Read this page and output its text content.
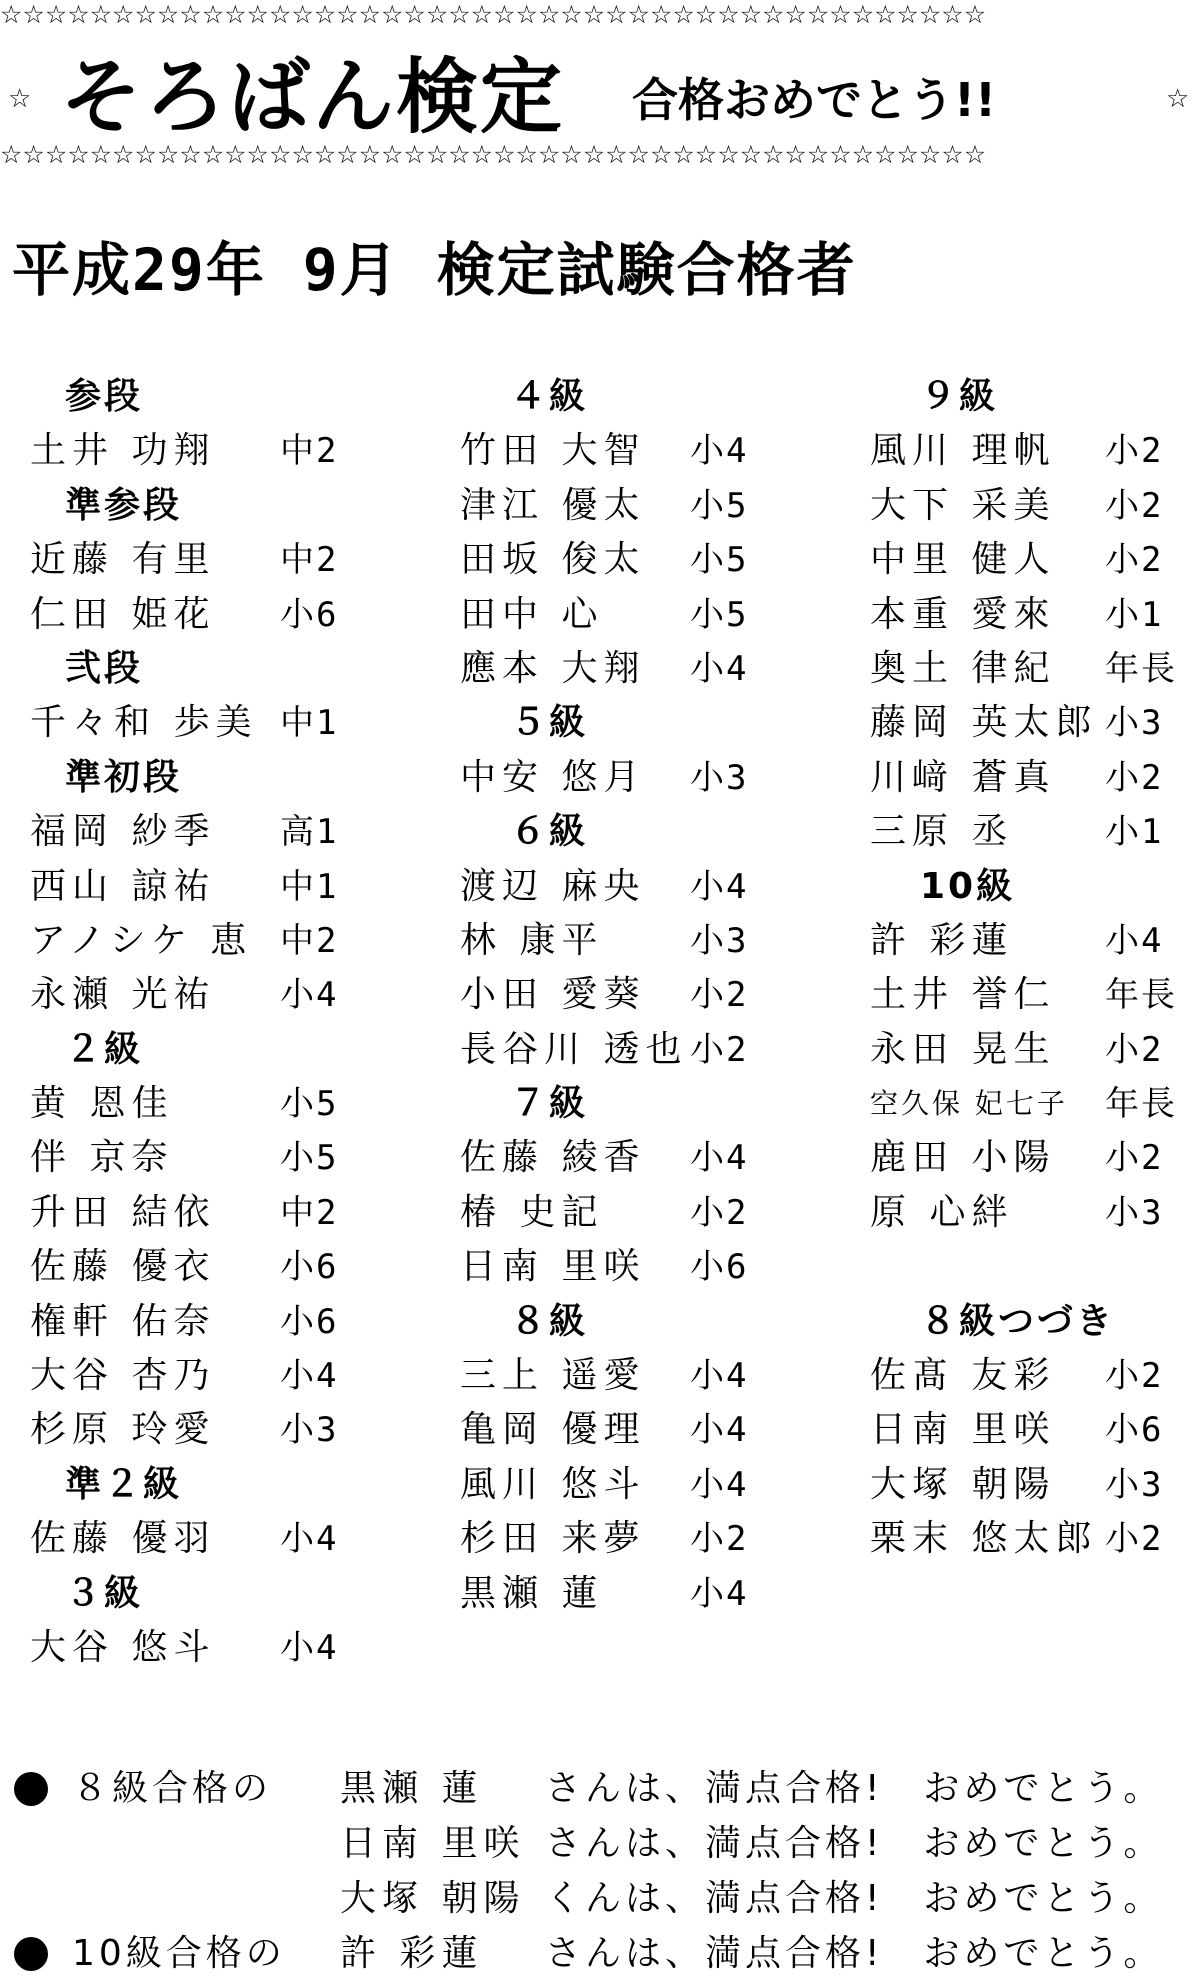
☆☆☆☆☆☆☆☆☆☆☆☆☆☆☆☆☆☆☆☆☆☆☆☆☆☆☆☆☆☆☆☆☆☆☆☆☆☆☆☆☆☆☆☆
☆ そろばん検定 合格おめでとう!!	☆
☆☆☆☆☆☆☆☆☆☆☆☆☆☆☆☆☆☆☆☆☆☆☆☆☆☆☆☆☆☆☆☆☆☆☆☆☆☆☆☆☆☆☆☆
平成29年 9月 検定試験合格者
参段
土井 功翔 中2
準参段
近藤 有里 中2
仁田 姫花 小6
弐段
千々和 歩美 中1
準初段
福岡 紗季 高1
西山 諒祐 中1
アノシケ 恵 中2
永瀬 光祐 小4
２級
黄 恩佳	小5
伴 京奈	小5
升田 結依 中2
佐藤 優衣 小6
権軒 佑奈 小6
大谷 杏乃 小4
杉原 玲愛 小3
準２級
佐藤 優羽 小4
３級
大谷 悠斗 小4
４級
竹田 大智 小4
津江 優太 小5
田坂 俊太 小5
田中 心	小5
應本 大翔 小4
５級
中安 悠月 小3
６級
渡辺 麻央 小4
林 康平	小3
小田 愛葵 小2
長谷川 透也 小2
７級
佐藤 綾香 小4
椿 史記	小2
日南 里咲 小6
８級
三上 遥愛 小4
亀岡 優理 小4
風川 悠斗 小4
杉田 来夢 小2
黒瀬 蓮	小4
９級
風川 理帆 小2
大下 采美 小2
中里 健人 小2
本重 愛來 小1
奥土 律紀 年長
藤岡 英太郎 小3
川﨑 蒼真 小2
三原 丞	小1
10級
許 彩蓮	小4
土井 誉仁 年長
永田 晃生 小2
空久保 妃七子 年長
鹿田 小陽 小2
原 心絆	小3
８級つづき
佐髙 友彩 小2
日南 里咲 小6
大塚 朝陽 小3
栗末 悠太郎 小2
８級合格の 黒瀬 蓮 さんは、満点合格!　おめでとう。
日南 里咲 さんは、満点合格!　おめでとう。
大塚 朝陽 くんは、満点合格!　おめでとう。
10級合格の 許 彩蓮 さんは、満点合格!　おめでとう。
